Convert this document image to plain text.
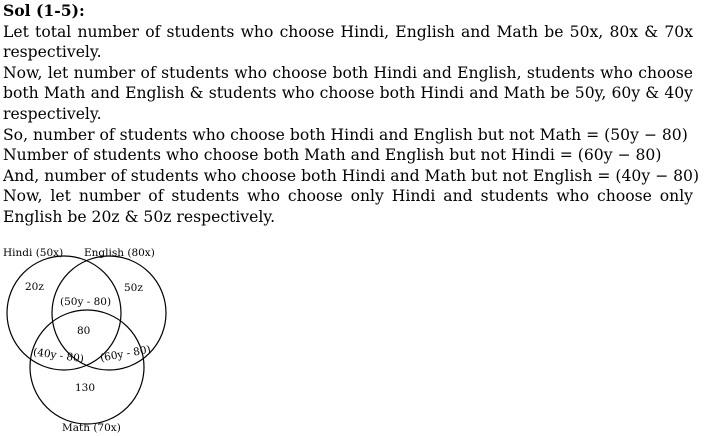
Sol (1-5):
Let total number of students who choose Hindi, English and Math be 50x, 80x & 70x respectively.
Now, let number of students who choose both Hindi and English, students who choose both Math and English & students who choose both Hindi and Math be 50y, 60y & 40y respectively.
So, number of students who choose both Hindi and English but not Math = (50y − 80)
Number of students who choose both Math and English but not Hindi = (60y − 80)
And, number of students who choose both Hindi and Math but not English = (40y − 80)
Now, let number of students who choose only Hindi and students who choose only English be 20z & 50z respectively.
Hindi (50x) English (80x)
Math (70x)
20z	50z
(50y - 80)
80
(40y - 80) (60y - 80)
130
